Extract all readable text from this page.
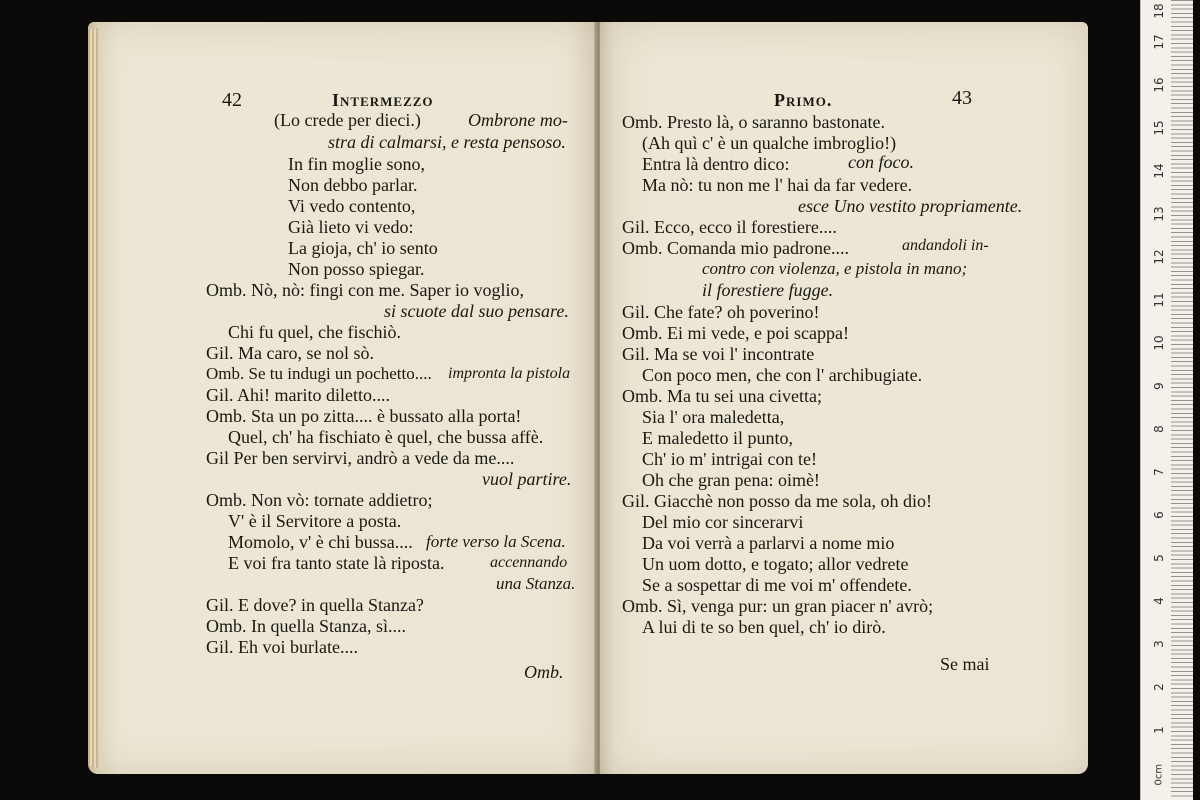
42	Intermezzo
(Lo crede per dieci.)	Ombrone mo-
stra di calmarsi, e resta pensoso.
In fin moglie sono,
Non debbo parlar.
Vi vedo contento,
Già lieto vi vedo:
La gioja, ch' io sento
Non posso spiegar.
Omb. Nò, nò: fingi con me. Saper io voglio,
si scuote dal suo pensare.
Chi fu quel, che fischiò.
Gil. Ma caro, se nol sò.
Omb. Se tu indugi un pochetto.... impronta la pistola
Gil. Ahi! marito diletto....
Omb. Sta un po zitta.... è bussato alla porta!
Quel, ch' ha fischiato è quel, che bussa affè.
Gil Per ben servirvi, andrò a vede da me....
vuol partire.
Omb. Non vò: tornate addietro;
V' è il Servitore a posta.
Momolo, v' è chi bussa.... forte verso la Scena.
E voi fra tanto state là riposta.	accennando
una Stanza.
Gil. E dove? in quella Stanza?
Omb. In quella Stanza, sì....
Gil. Eh voi burlate....
Omb.
Primo.	43
Omb. Presto là, o saranno bastonate.
(Ah quì c' è un qualche imbroglio!)
Entra là dentro dico:	con foco.
Ma nò: tu non me l' hai da far vedere.
esce Uno vestito propriamente.
Gil. Ecco, ecco il forestiere....
Omb. Comanda mio padrone....	andandoli in-
contro con violenza, e pistola in mano;
il forestiere fugge.
Gil. Che fate? oh poverino!
Omb. Ei mi vede, e poi scappa!
Gil. Ma se voi l' incontrate
Con poco men, che con l' archibugiate.
Omb. Ma tu sei una civetta;
Sia l' ora maledetta,
E maledetto il punto,
Ch' io m' intrigai con te!
Oh che gran pena: oimè!
Gil. Giacchè non posso da me sola, oh dio!
Del mio cor sincerarvi
Da voi verrà a parlarvi a nome mio
Un uom dotto, e togato; allor vedrete
Se a sospettar di me voi m' offendete.
Omb. Sì, venga pur: un gran piacer n' avrò;
A lui di te so ben quel, ch' io dirò.
Se mai
0cm
1
2
3
4
5
6
7
8
9
10
11
12
13
14
15
16
17
18
